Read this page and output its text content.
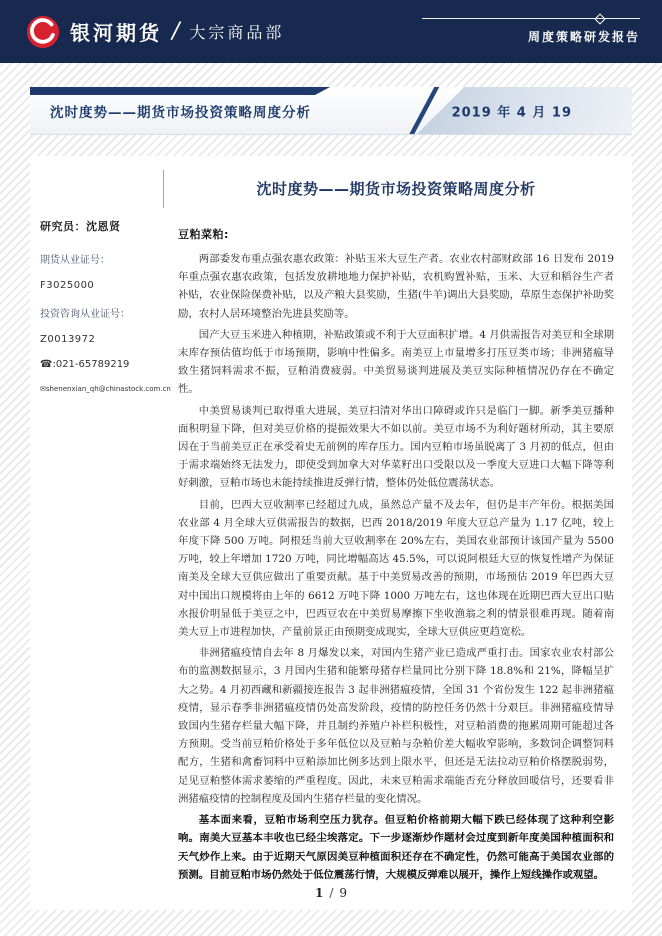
银河期货 / 大宗商品部	周度策略研发报告
沈时度势——期货市场投资策略周度分析	2019 年 4 月 19
沈时度势——期货市场投资策略周度分析
研究员：沈恩贤
期货从业证号：
F3025000
投资咨询从业证号：
Z0013972
☎:021-65789219
✉shenenxian_qh@chinastock.com.cn
豆粕菜粕:

两部委发布重点强农惠农政策：补贴玉米大豆生产者。农业农村部财政部 16 日发布 2019 年重点强农惠农政策，包括发放耕地地力保护补贴，农机购置补贴，玉米、大豆和稻谷生产者补贴，农业保险保费补贴，以及产粮大县奖励，生猪(牛羊)调出大县奖励，草原生态保护补助奖励，农村人居环境整治先进县奖励等。

国产大豆玉米进入种植期，补贴政策或不利于大豆面积扩增。4 月供需报告对美豆和全球期末库存预估值均低于市场预期，影响中性偏多。南美豆上市量增多打压豆类市场；非洲猪瘟导致生猪饲料需求不振，豆粕消费疲弱。中美贸易谈判进展及美豆实际种植情况仍存在不确定性。

中美贸易谈判已取得重大进展，美豆扫清对华出口障碍或许只是临门一脚。新季美豆播种面积明显下降，但对美豆价格的提振效果大不如以前。美豆市场不为利好题材所动，其主要原因在于当前美豆正在承受着史无前例的库存压力。国内豆粕市场虽脱离了 3 月初的低点，但由于需求端始终无法发力，即使受到加拿大对华菜籽出口受限以及一季度大豆进口大幅下降等利好刺激，豆粕市场也未能持续推进反弹行情，整体仍处低位震荡状态。

目前，巴西大豆收割率已经超过九成，虽然总产量不及去年，但仍是丰产年份。根据美国农业部 4 月全球大豆供需报告的数据，巴西 2018/2019 年度大豆总产量为 1.17 亿吨，较上年度下降 500 万吨。阿根廷当前大豆收割率在 20%左右，美国农业部预计该国产量为 5500 万吨，较上年增加 1720 万吨，同比增幅高达 45.5%，可以说阿根廷大豆的恢复性增产为保证南美及全球大豆供应做出了重要贡献。基于中美贸易改善的预期，市场预估 2019 年巴西大豆对中国出口规模将由上年的 6612 万吨下降 1000 万吨左右，这也体现在近期巴西大豆出口贴水报价明显低于美豆之中，巴西豆农在中美贸易摩擦下坐收渔翁之利的情景很难再现。随着南美大豆上市进程加快，产量前景正由预期变成现实，全球大豆供应更趋宽松。

非洲猪瘟疫情自去年 8 月爆发以来，对国内生猪产业已造成严重打击。国家农业农村部公布的监测数据显示，3 月国内生猪和能繁母猪存栏量同比分别下降 18.8%和 21%，降幅呈扩大之势。4 月初西藏和新疆接连报告 3 起非洲猪瘟疫情，全国 31 个省份发生 122 起非洲猪瘟疫情，显示春季非洲猪瘟疫情仍处高发阶段，疫情的防控任务仍然十分艰巨。非洲猪瘟疫情导致国内生猪存栏量大幅下降，并且制约养殖户补栏积极性，对豆粕消费的拖累周期可能超过各方预期。受当前豆粕价格处于多年低位以及豆粕与杂粕价差大幅收窄影响，多数饲企调整饲料配方，生猪和禽畜饲料中豆粕添加比例多达到上限水平，但还是无法拉动豆粕价格摆脱弱势，足见豆粕整体需求萎缩的严重程度。因此，未来豆粕需求端能否充分释放回暖信号，还要看非洲猪瘟疫情的控制程度及国内生猪存栏量的变化情况。

基本面来看，豆粕市场利空压力犹存。但豆粕价格前期大幅下跌已经体现了这种利空影响。南美大豆基本丰收也已经尘埃落定。下一步逐渐炒作题材会过度到新年度美国种植面积和天气炒作上来。由于近期天气原因美豆种植面积还存在不确定性，仍然可能高于美国农业部的预测。目前豆粕市场仍然处于低位震荡行情，大规模反弹难以展开，操作上短线操作或观望。

1 / 9
